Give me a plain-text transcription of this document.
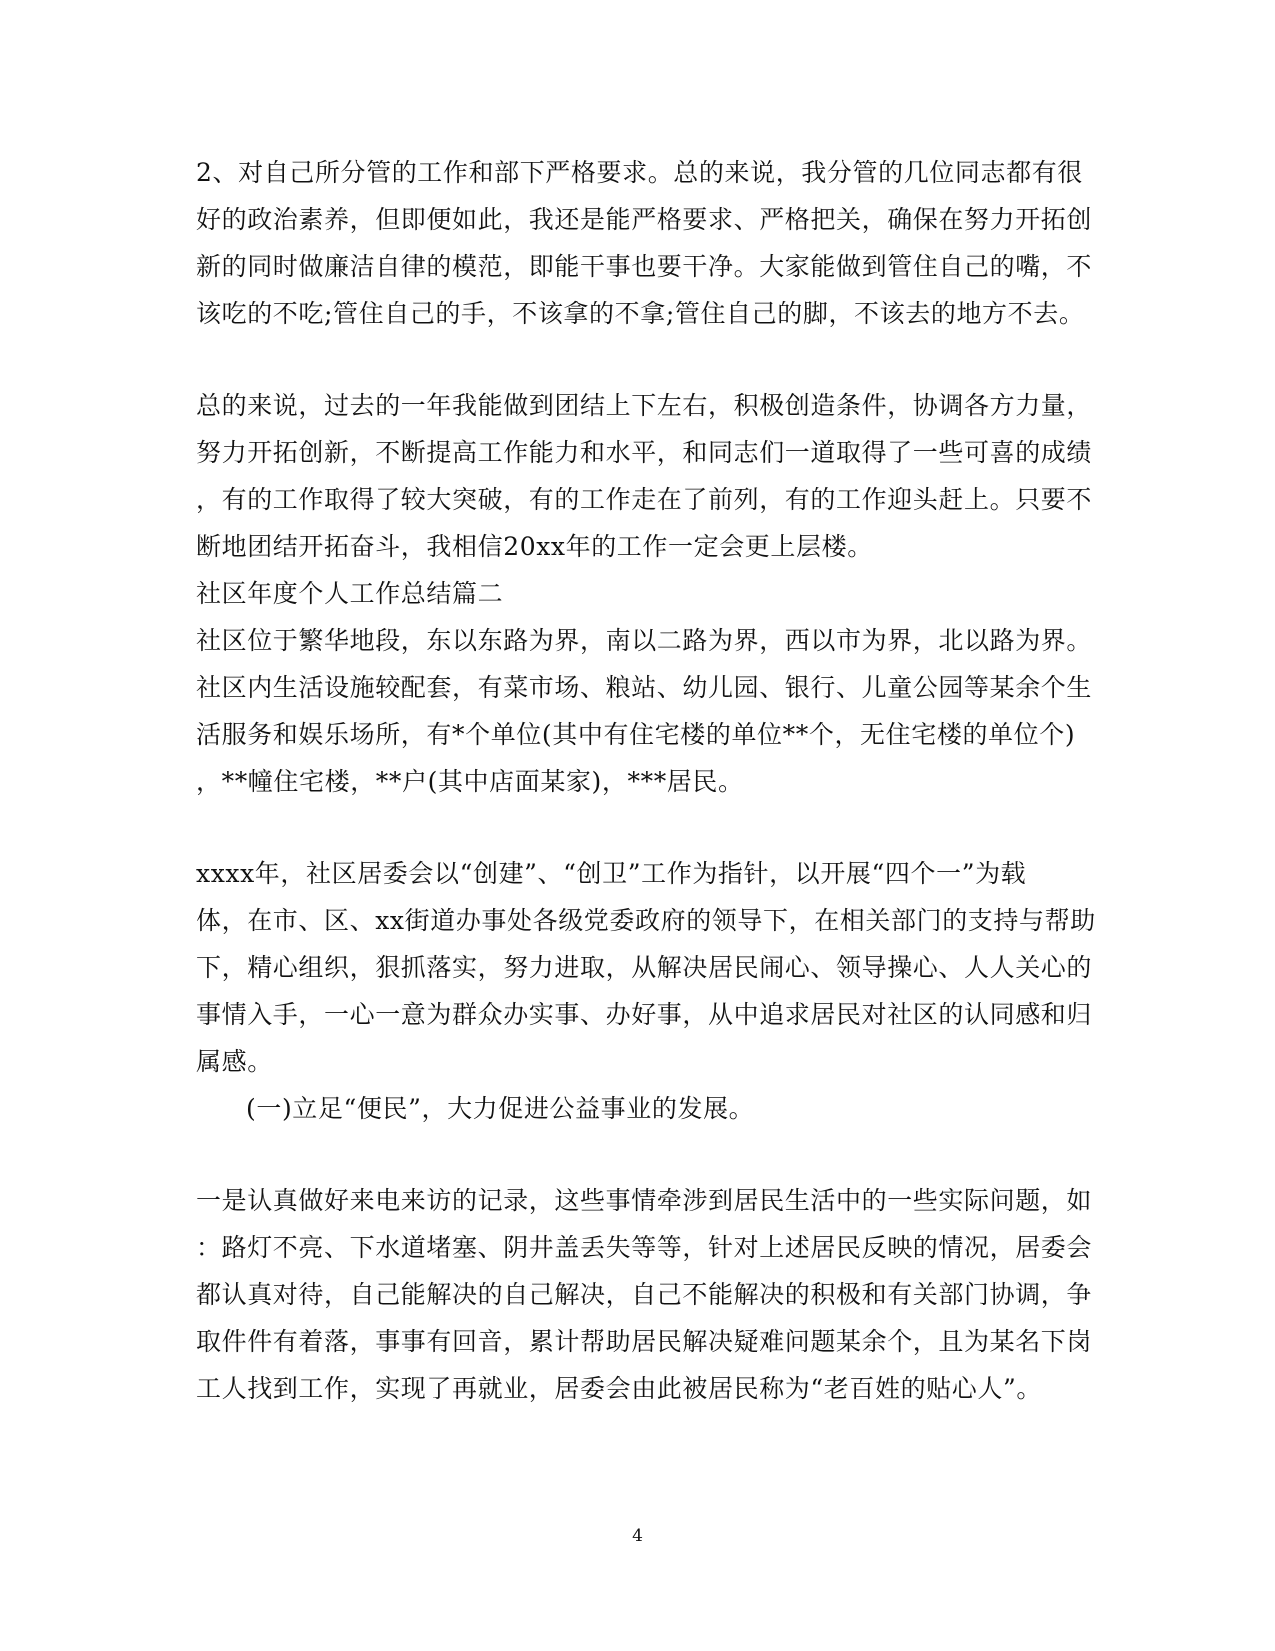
2、对自己所分管的工作和部下严格要求。总的来说，我分管的几位同志都有很
好的政治素养，但即便如此，我还是能严格要求、严格把关，确保在努力开拓创
新的同时做廉洁自律的模范，即能干事也要干净。大家能做到管住自己的嘴，不
该吃的不吃;管住自己的手，不该拿的不拿;管住自己的脚，不该去的地方不去。
总的来说，过去的一年我能做到团结上下左右，积极创造条件，协调各方力量，
努力开拓创新，不断提高工作能力和水平，和同志们一道取得了一些可喜的成绩
，有的工作取得了较大突破，有的工作走在了前列，有的工作迎头赶上。只要不
断地团结开拓奋斗，我相信20xx年的工作一定会更上层楼。
社区年度个人工作总结篇二
社区位于繁华地段，东以东路为界，南以二路为界，西以市为界，北以路为界。
社区内生活设施较配套，有菜市场、粮站、幼儿园、银行、儿童公园等某余个生
活服务和娱乐场所，有*个单位(其中有住宅楼的单位**个，无住宅楼的单位个)
，**幢住宅楼，**户(其中店面某家)，***居民。
xxxx年，社区居委会以“创建”、“创卫”工作为指针，以开展“四个一”为载
体，在市、区、xx街道办事处各级党委政府的领导下，在相关部门的支持与帮助
下，精心组织，狠抓落实，努力进取，从解决居民闹心、领导操心、人人关心的
事情入手，一心一意为群众办实事、办好事，从中追求居民对社区的认同感和归
属感。
(一)立足“便民”，大力促进公益事业的发展。
一是认真做好来电来访的记录，这些事情牵涉到居民生活中的一些实际问题，如
：路灯不亮、下水道堵塞、阴井盖丢失等等，针对上述居民反映的情况，居委会
都认真对待，自己能解决的自己解决，自己不能解决的积极和有关部门协调，争
取件件有着落，事事有回音，累计帮助居民解决疑难问题某余个，且为某名下岗
工人找到工作，实现了再就业，居委会由此被居民称为“老百姓的贴心人”。
4
